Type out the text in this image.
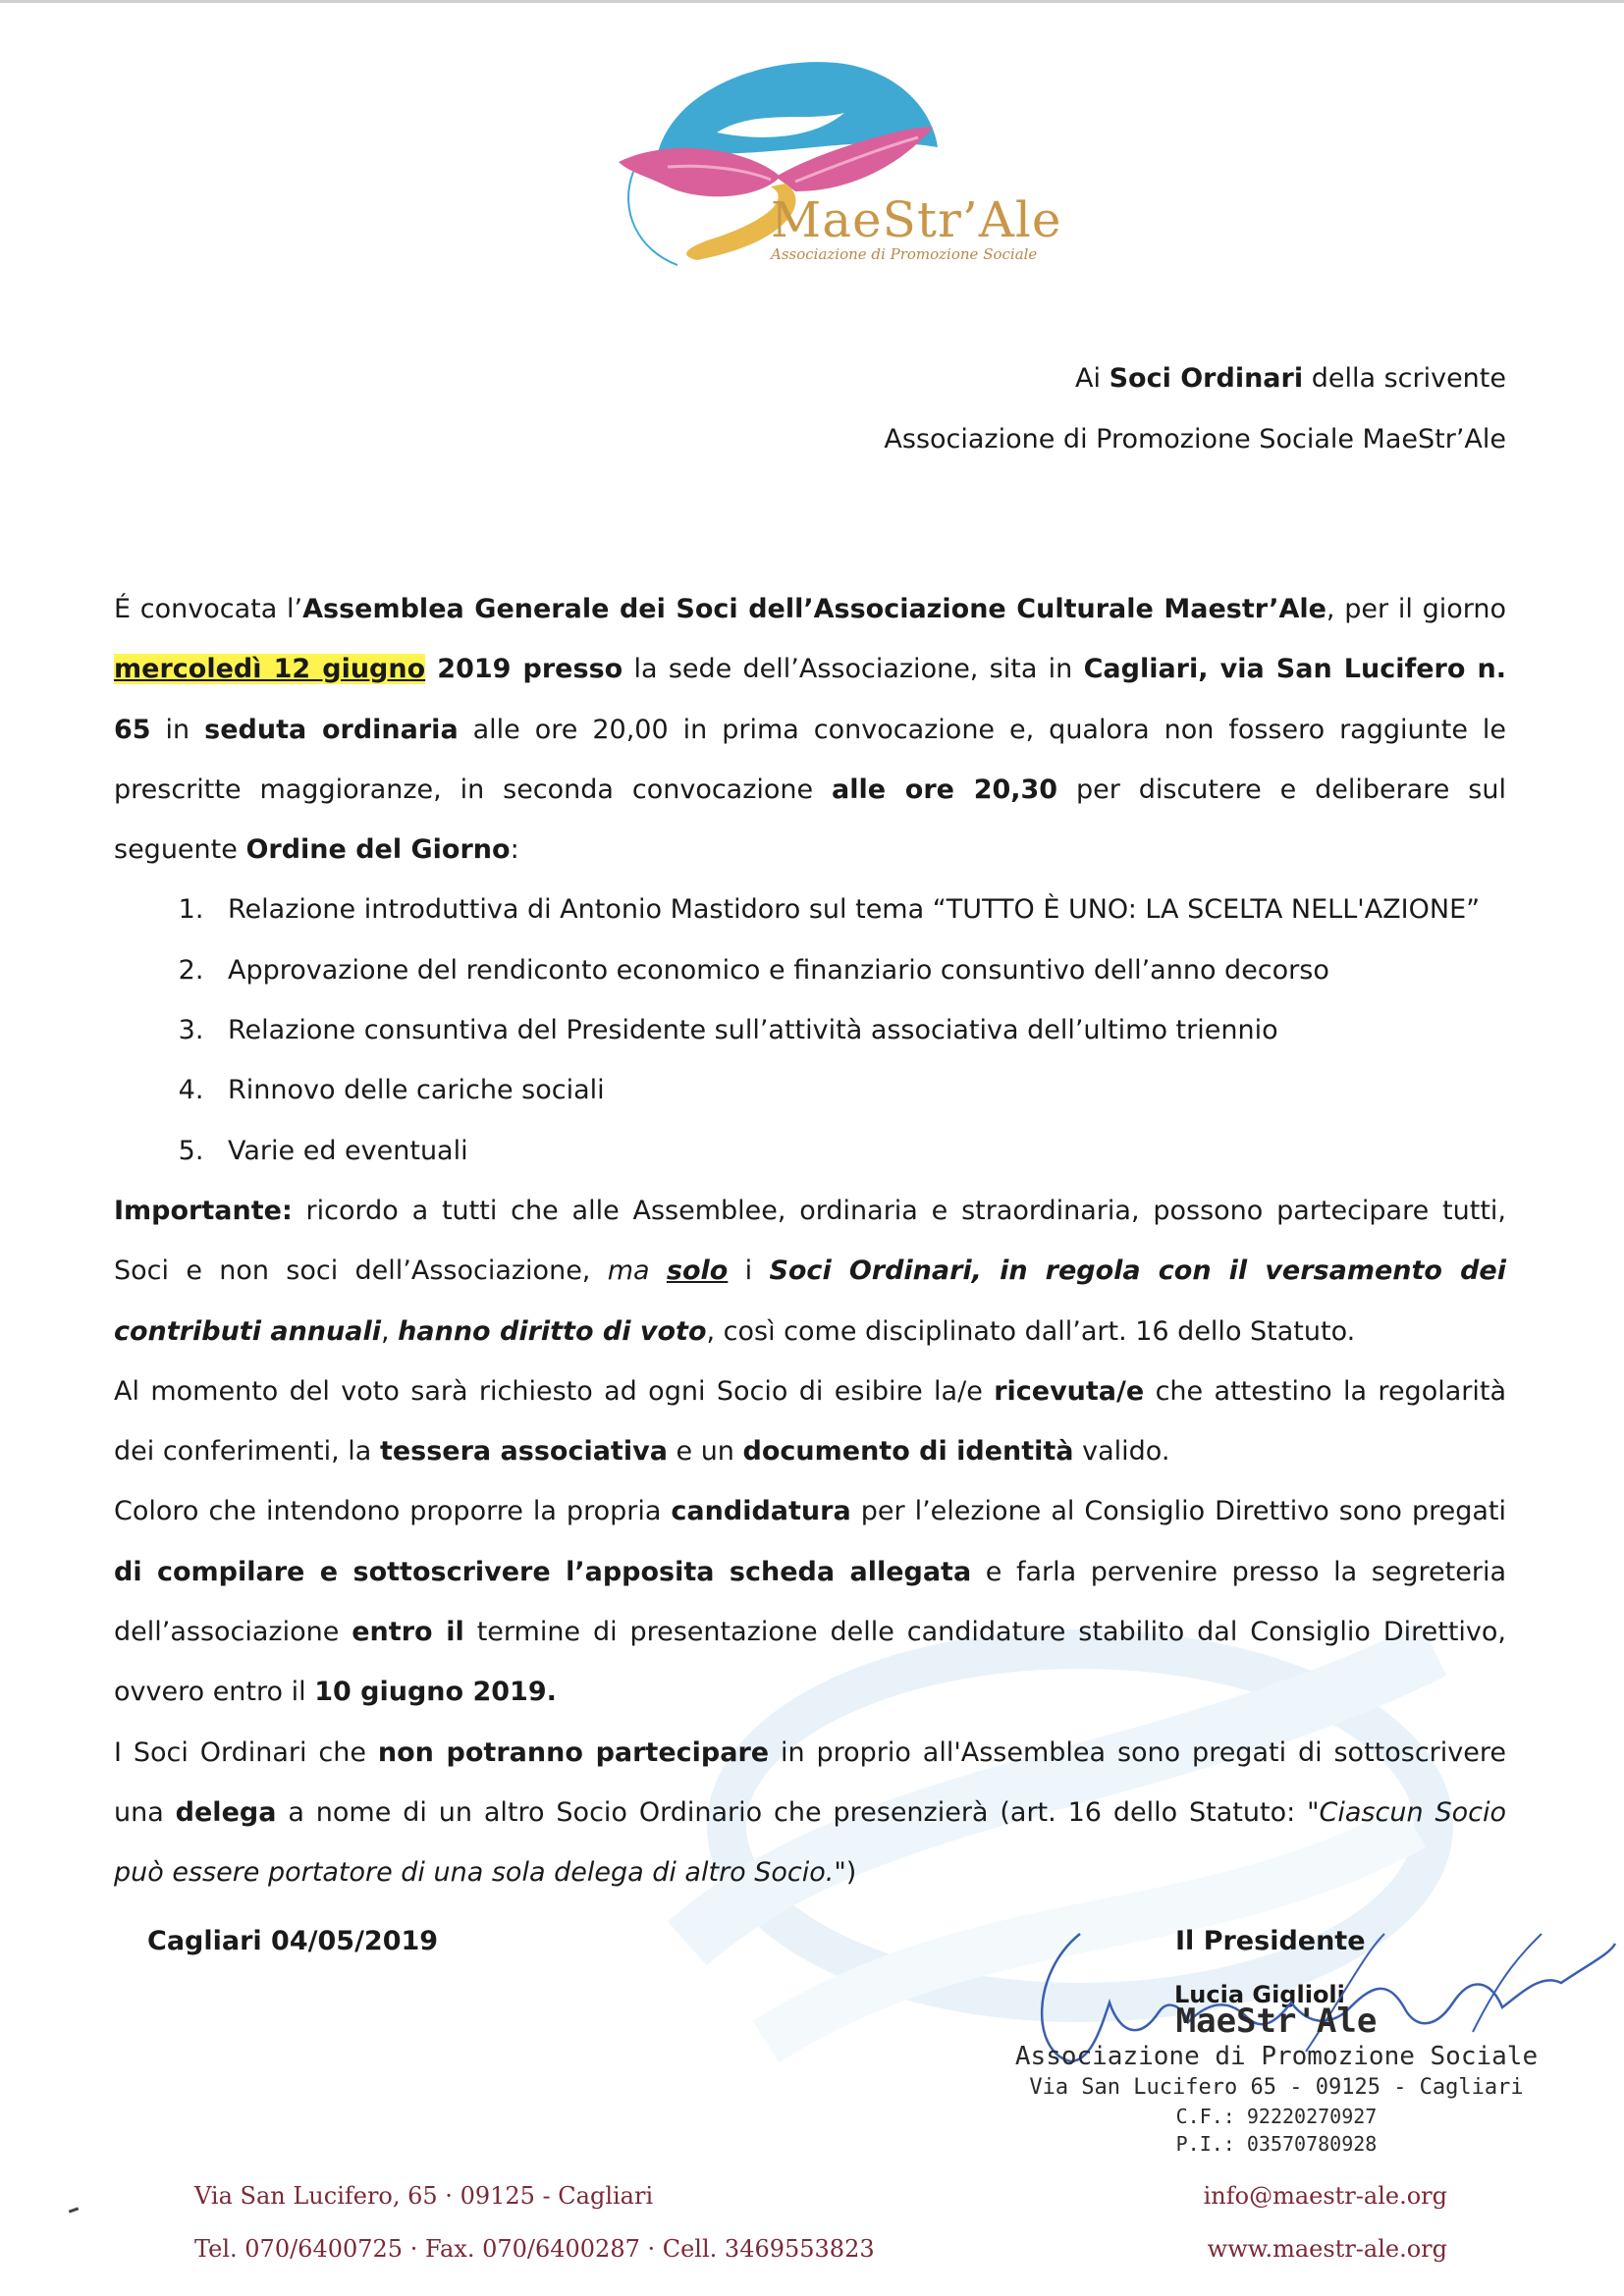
MaeStr’Ale
Associazione di Promozione Sociale
Ai Soci Ordinari della scrivente
Associazione di Promozione Sociale MaeStr’Ale

É convocata l’Assemblea Generale dei Soci dell’Associazione Culturale Maestr’Ale, per il giorno mercoledì 12 giugno 2019 presso la sede dell’Associazione, sita in Cagliari, via San Lucifero n. 65 in seduta ordinaria alle ore 20,00 in prima convocazione e, qualora non fossero raggiunte le prescritte maggioranze, in seconda convocazione alle ore 20,30 per discutere e deliberare sul seguente Ordine del Giorno:

1. Relazione introduttiva di Antonio Mastidoro sul tema “TUTTO È UNO: LA SCELTA NELL'AZIONE”
2. Approvazione del rendiconto economico e finanziario consuntivo dell’anno decorso
3. Relazione consuntiva del Presidente sull’attività associativa dell’ultimo triennio
4. Rinnovo delle cariche sociali
5. Varie ed eventuali

Importante: ricordo a tutti che alle Assemblee, ordinaria e straordinaria, possono partecipare tutti, Soci e non soci dell’Associazione, ma solo i Soci Ordinari, in regola con il versamento dei contributi annuali, hanno diritto di voto, così come disciplinato dall’art. 16 dello Statuto.

Al momento del voto sarà richiesto ad ogni Socio di esibire la/e ricevuta/e che attestino la regolarità dei conferimenti, la tessera associativa e un documento di identità valido.

Coloro che intendono proporre la propria candidatura per l’elezione al Consiglio Direttivo sono pregati di compilare e sottoscrivere l’apposita scheda allegata e farla pervenire presso la segreteria dell’associazione entro il termine di presentazione delle candidature stabilito dal Consiglio Direttivo, ovvero entro il 10 giugno 2019.

I Soci Ordinari che non potranno partecipare in proprio all'Assemblea sono pregati di sottoscrivere una delega a nome di un altro Socio Ordinario che presenzierà (art. 16 dello Statuto: "Ciascun Socio può essere portatore di una sola delega di altro Socio.")

Cagliari 04/05/2019	Il Presidente
Lucia Giglioli
MaeStr'Ale
Associazione di Promozione Sociale
Via San Lucifero 65 - 09125 - Cagliari
C.F.: 92220270927
P.I.: 03570780928
Via San Lucifero, 65 · 09125 - Cagliari
Tel. 070/6400725 · Fax. 070/6400287 · Cell. 3469553823
info@maestr-ale.org
www.maestr-ale.org
